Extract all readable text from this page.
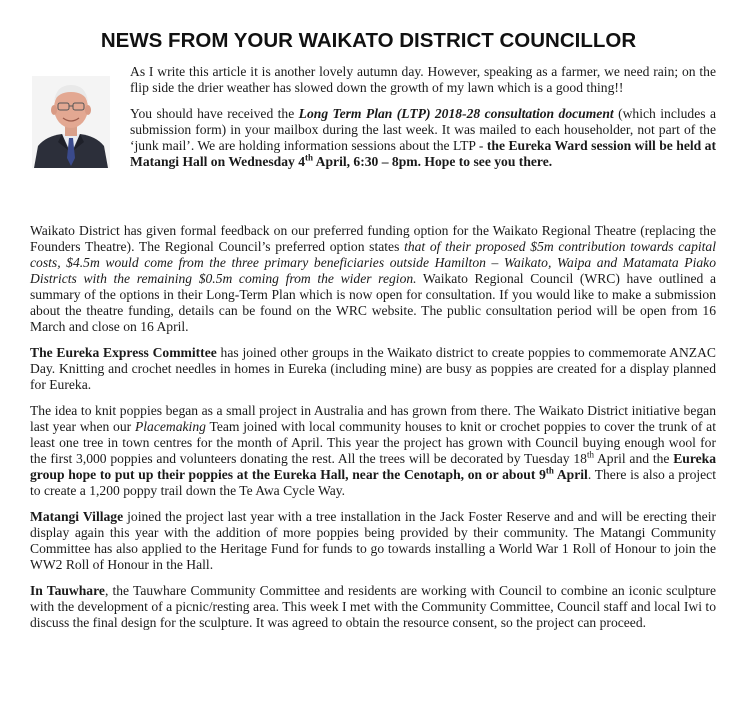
NEWS FROM YOUR WAIKATO DISTRICT COUNCILLOR

As I write this article it is another lovely autumn day. However, speaking as a farmer, we need rain; on the flip side the drier weather has slowed down the growth of my lawn which is a good thing!!

You should have received the Long Term Plan (LTP) 2018-28 consultation document (which includes a submission form) in your mailbox during the last week. It was mailed to each householder, not part of the ‘junk mail’. We are holding information sessions about the LTP - the Eureka Ward session will be held at Matangi Hall on Wednesday 4th April, 6:30 – 8pm. Hope to see you there.

Waikato District has given formal feedback on our preferred funding option for the Waikato Regional Theatre (replacing the Founders Theatre). The Regional Council’s preferred option states that of their proposed $5m contribution towards capital costs, $4.5m would come from the three primary beneficiaries outside Hamilton – Waikato, Waipa and Matamata Piako Districts with the remaining $0.5m coming from the wider region. Waikato Regional Council (WRC) have outlined a summary of the options in their Long-Term Plan which is now open for consultation. If you would like to make a submission about the theatre funding, details can be found on the WRC website. The public consultation period will be open from 16 March and close on 16 April.

The Eureka Express Committee has joined other groups in the Waikato district to create poppies to commemorate ANZAC Day. Knitting and crochet needles in homes in Eureka (including mine) are busy as poppies are created for a display planned for Eureka.

The idea to knit poppies began as a small project in Australia and has grown from there. The Waikato District initiative began last year when our Placemaking Team joined with local community houses to knit or crochet poppies to cover the trunk of at least one tree in town centres for the month of April. This year the project has grown with Council buying enough wool for the first 3,000 poppies and volunteers donating the rest. All the trees will be decorated by Tuesday 18th April and the Eureka group hope to put up their poppies at the Eureka Hall, near the Cenotaph, on or about 9th April. There is also a project to create a 1,200 poppy trail down the Te Awa Cycle Way.

Matangi Village joined the project last year with a tree installation in the Jack Foster Reserve and and will be erecting their display again this year with the addition of more poppies being provided by their community. The Matangi Community Committee has also applied to the Heritage Fund for funds to go towards installing a World War 1 Roll of Honour to join the WW2 Roll of Honour in the Hall.

In Tauwhare, the Tauwhare Community Committee and residents are working with Council to combine an iconic sculpture with the development of a picnic/resting area. This week I met with the Community Committee, Council staff and local Iwi to discuss the final design for the sculpture. It was agreed to obtain the resource consent, so the project can proceed.
